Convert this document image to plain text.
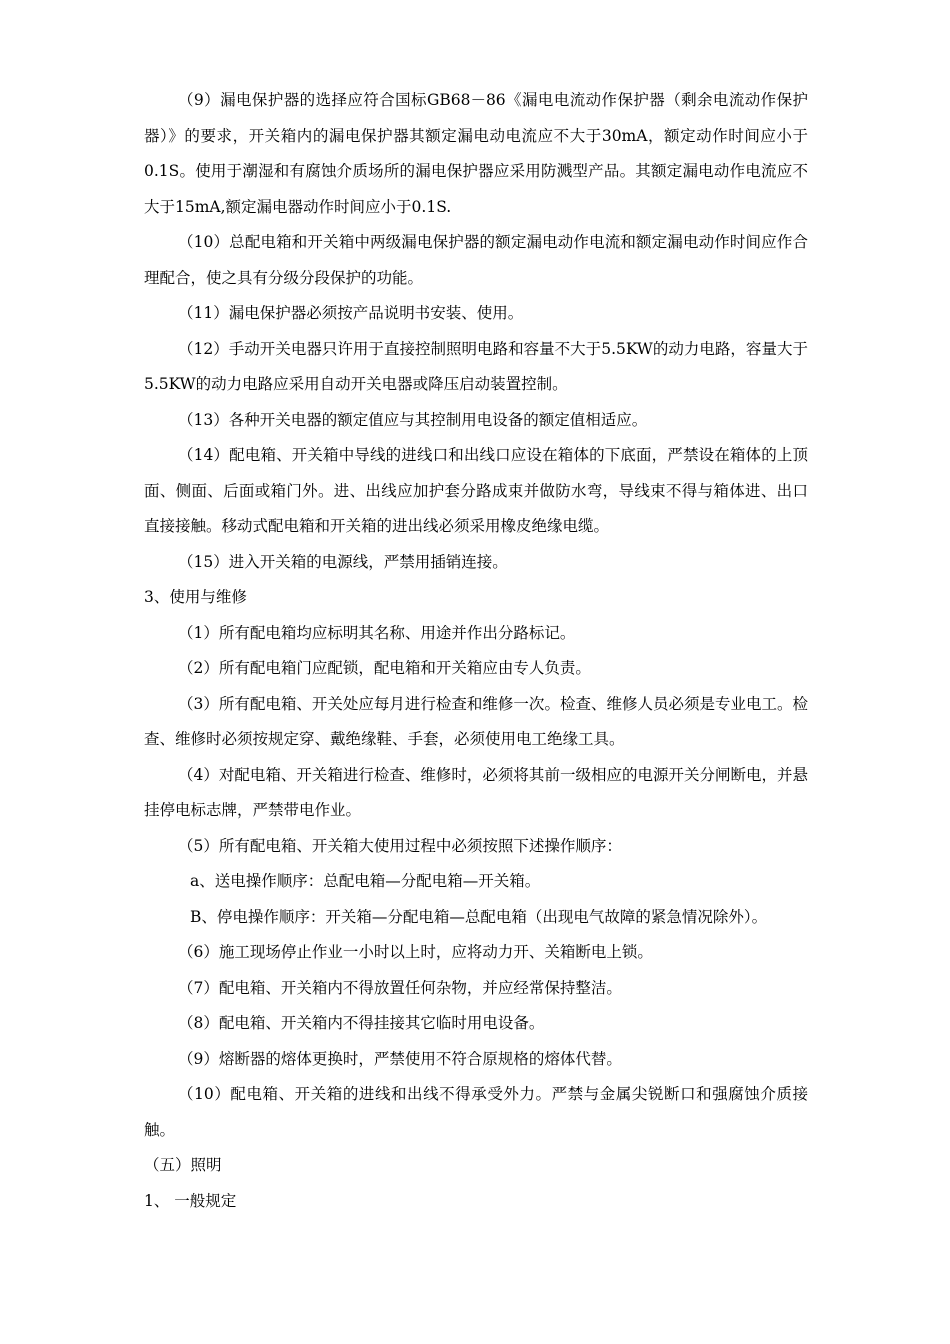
（9）漏电保护器的选择应符合国标GB68－86《漏电电流动作保护器（剩余电流动作保护器）》的要求，开关箱内的漏电保护器其额定漏电动电流应不大于30mA，额定动作时间应小于0.1S。使用于潮湿和有腐蚀介质场所的漏电保护器应采用防溅型产品。其额定漏电动作电流应不大于15mA,额定漏电器动作时间应小于0.1S.

（10）总配电箱和开关箱中两级漏电保护器的额定漏电动作电流和额定漏电动作时间应作合理配合，使之具有分级分段保护的功能。

（11）漏电保护器必须按产品说明书安装、使用。

（12）手动开关电器只许用于直接控制照明电路和容量不大于5.5KW的动力电路，容量大于5.5KW的动力电路应采用自动开关电器或降压启动装置控制。

（13）各种开关电器的额定值应与其控制用电设备的额定值相适应。

（14）配电箱、开关箱中导线的进线口和出线口应设在箱体的下底面，严禁设在箱体的上顶面、侧面、后面或箱门外。进、出线应加护套分路成束并做防水弯，导线束不得与箱体进、出口直接接触。移动式配电箱和开关箱的进出线必须采用橡皮绝缘电缆。

（15）进入开关箱的电源线，严禁用插销连接。

3、使用与维修

（1）所有配电箱均应标明其名称、用途并作出分路标记。

（2）所有配电箱门应配锁，配电箱和开关箱应由专人负责。

（3）所有配电箱、开关处应每月进行检查和维修一次。检查、维修人员必须是专业电工。检查、维修时必须按规定穿、戴绝缘鞋、手套，必须使用电工绝缘工具。

（4）对配电箱、开关箱进行检查、维修时，必须将其前一级相应的电源开关分闸断电，并悬挂停电标志牌，严禁带电作业。

（5）所有配电箱、开关箱大使用过程中必须按照下述操作顺序：

a、送电操作顺序：总配电箱—分配电箱—开关箱。

B、停电操作顺序：开关箱—分配电箱—总配电箱（出现电气故障的紧急情况除外）。

（6）施工现场停止作业一小时以上时，应将动力开、关箱断电上锁。

（7）配电箱、开关箱内不得放置任何杂物，并应经常保持整洁。

（8）配电箱、开关箱内不得挂接其它临时用电设备。

（9）熔断器的熔体更换时，严禁使用不符合原规格的熔体代替。

（10）配电箱、开关箱的进线和出线不得承受外力。严禁与金属尖锐断口和强腐蚀介质接触。

（五）照明

1、 一般规定
